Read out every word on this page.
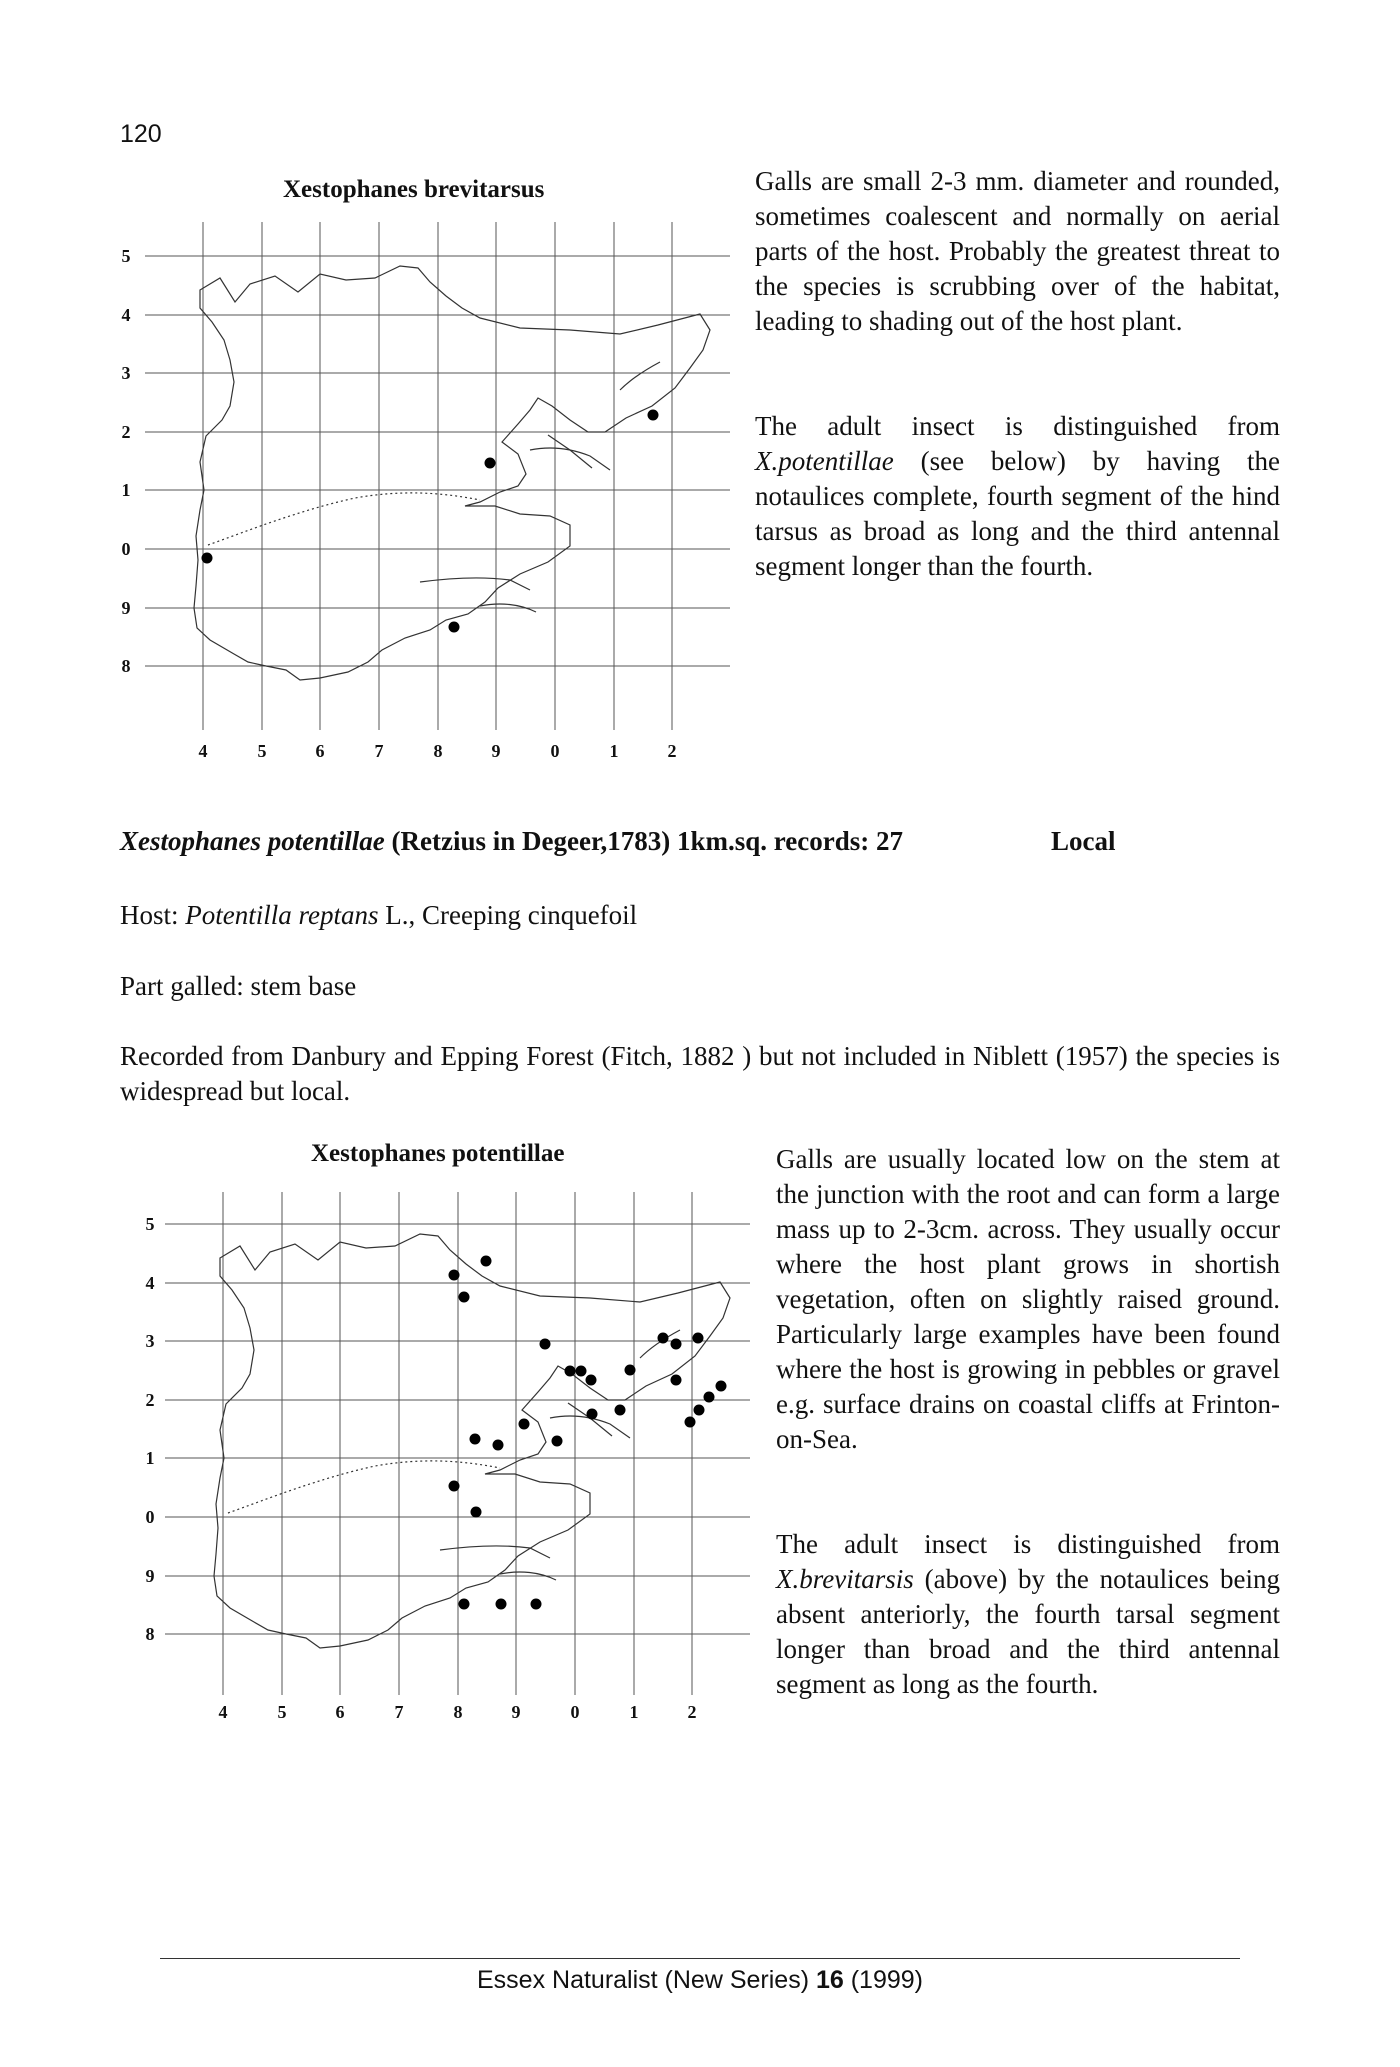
120
Xestophanes brevitarsus
5
4
3
2
1
0
9
8
4	5	6	7	8	9	0	1	2
Galls are small 2-3 mm. diameter and rounded, sometimes coalescent and normally on aerial parts of the host. Probably the greatest threat to the species is scrubbing over of the habitat, leading to shading out of the host plant.
The adult insect is distinguished from X.potentillae (see below) by having the notaulices complete, fourth segment of the hind tarsus as broad as long and the third antennal segment longer than the fourth.
Xestophanes potentillae (Retzius in Degeer,1783) 1km.sq. records: 27	Local
Host: Potentilla reptans L., Creeping cinquefoil
Part galled: stem base
Recorded from Danbury and Epping Forest (Fitch, 1882 ) but not included in Niblett (1957) the species is widespread but local.
Xestophanes potentillae
5
4
3
2
1
0
9
8
4	5	6	7	8	9	0	1	2
Galls are usually located low on the stem at the junction with the root and can form a large mass up to 2-3cm. across. They usually occur where the host plant grows in shortish vegetation, often on slightly raised ground. Particularly large examples have been found where the host is growing in pebbles or gravel e.g. surface drains on coastal cliffs at Frinton-on-Sea.
The adult insect is distinguished from X.brevitarsis (above) by the notaulices being absent anteriorly, the fourth tarsal segment longer than broad and the third antennal segment as long as the fourth.
Essex Naturalist (New Series) 16 (1999)
